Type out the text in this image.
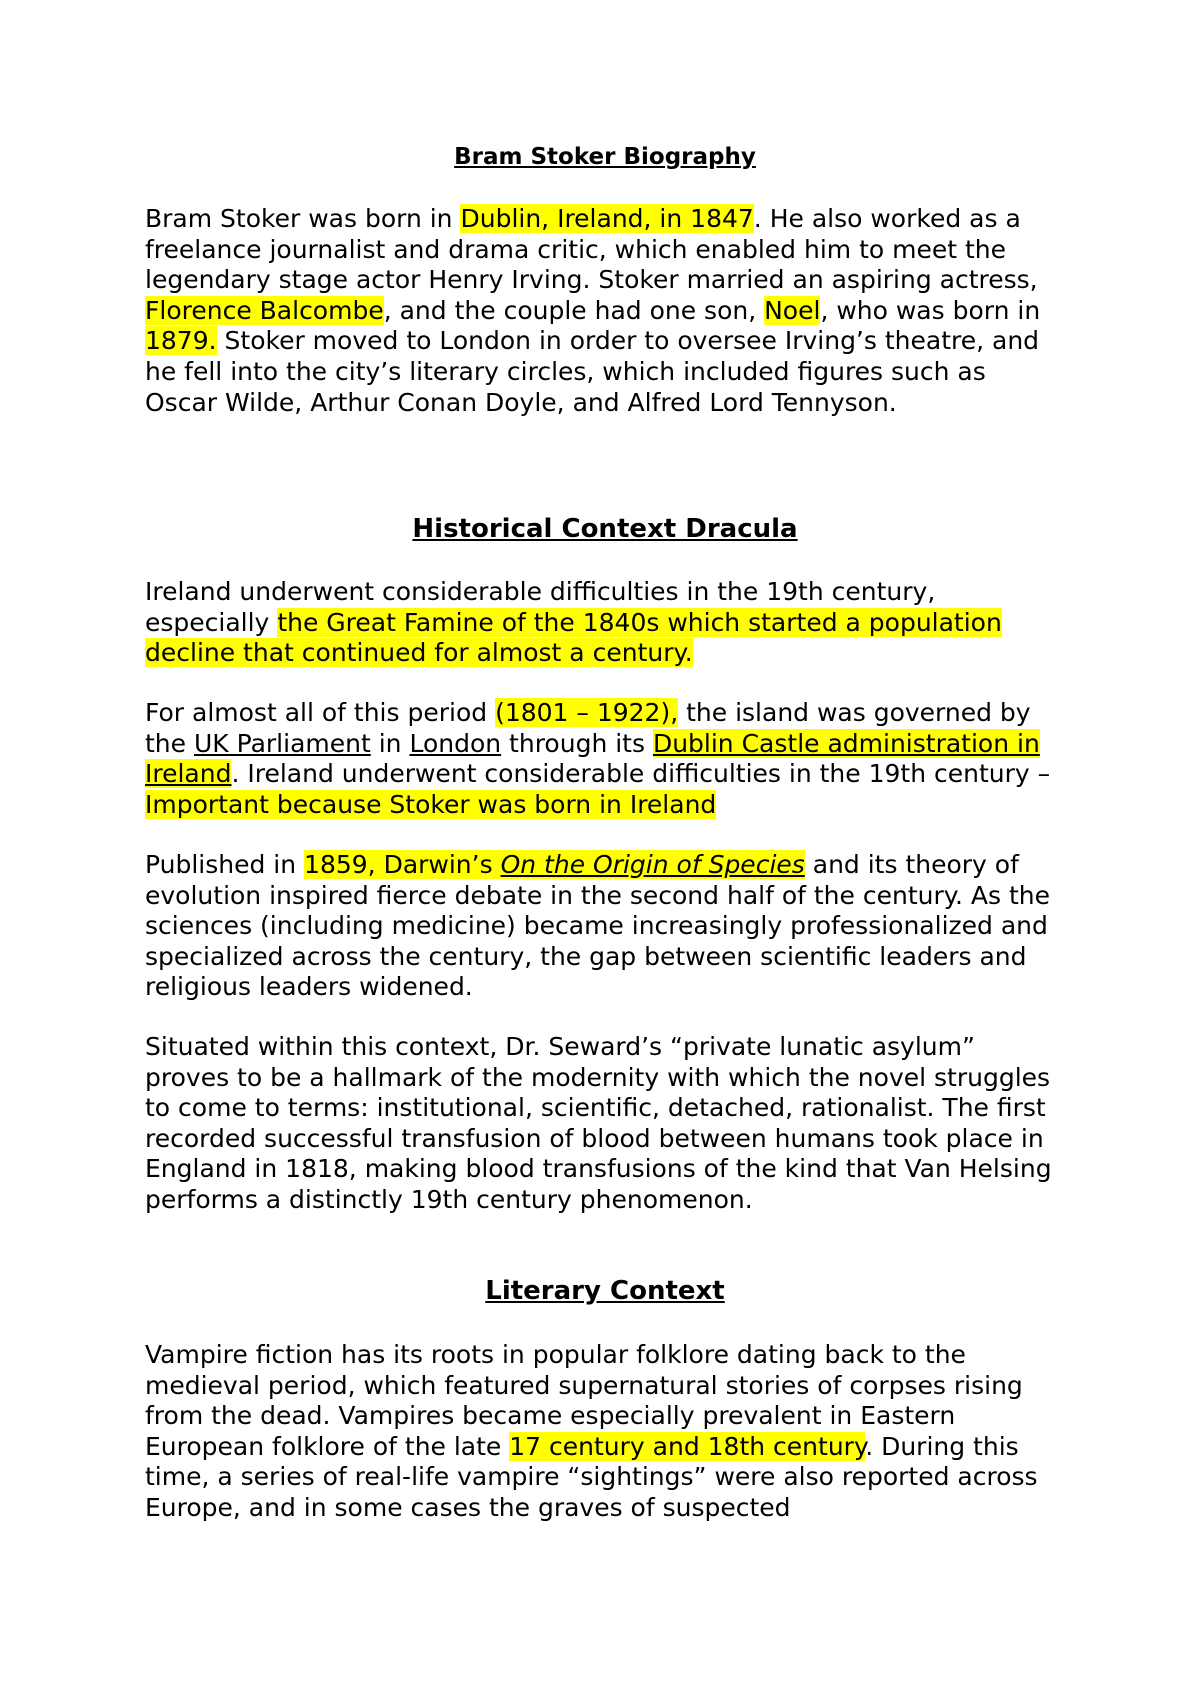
Bram Stoker Biography

Bram Stoker was born in Dublin, Ireland, in 1847. He also worked as a freelance journalist and drama critic, which enabled him to meet the legendary stage actor Henry Irving. Stoker married an aspiring actress, Florence Balcombe, and the couple had one son, Noel, who was born in 1879. Stoker moved to London in order to oversee Irving’s theatre, and he fell into the city’s literary circles, which included figures such as Oscar Wilde, Arthur Conan Doyle, and Alfred Lord Tennyson.

Historical Context Dracula

Ireland underwent considerable difficulties in the 19th century, especially the Great Famine of the 1840s which started a population decline that continued for almost a century.

For almost all of this period (1801 – 1922), the island was governed by the UK Parliament in London through its Dublin Castle administration in Ireland. Ireland underwent considerable difficulties in the 19th century – Important because Stoker was born in Ireland

Published in 1859, Darwin’s On the Origin of Species and its theory of evolution inspired fierce debate in the second half of the century. As the sciences (including medicine) became increasingly professionalized and specialized across the century, the gap between scientific leaders and religious leaders widened.

Situated within this context, Dr. Seward’s “private lunatic asylum” proves to be a hallmark of the modernity with which the novel struggles to come to terms: institutional, scientific, detached, rationalist. The first recorded successful transfusion of blood between humans took place in England in 1818, making blood transfusions of the kind that Van Helsing performs a distinctly 19th century phenomenon.

Literary Context

Vampire fiction has its roots in popular folklore dating back to the medieval period, which featured supernatural stories of corpses rising from the dead. Vampires became especially prevalent in Eastern European folklore of the late 17 century and 18th century. During this time, a series of real-life vampire “sightings” were also reported across Europe, and in some cases the graves of suspected
